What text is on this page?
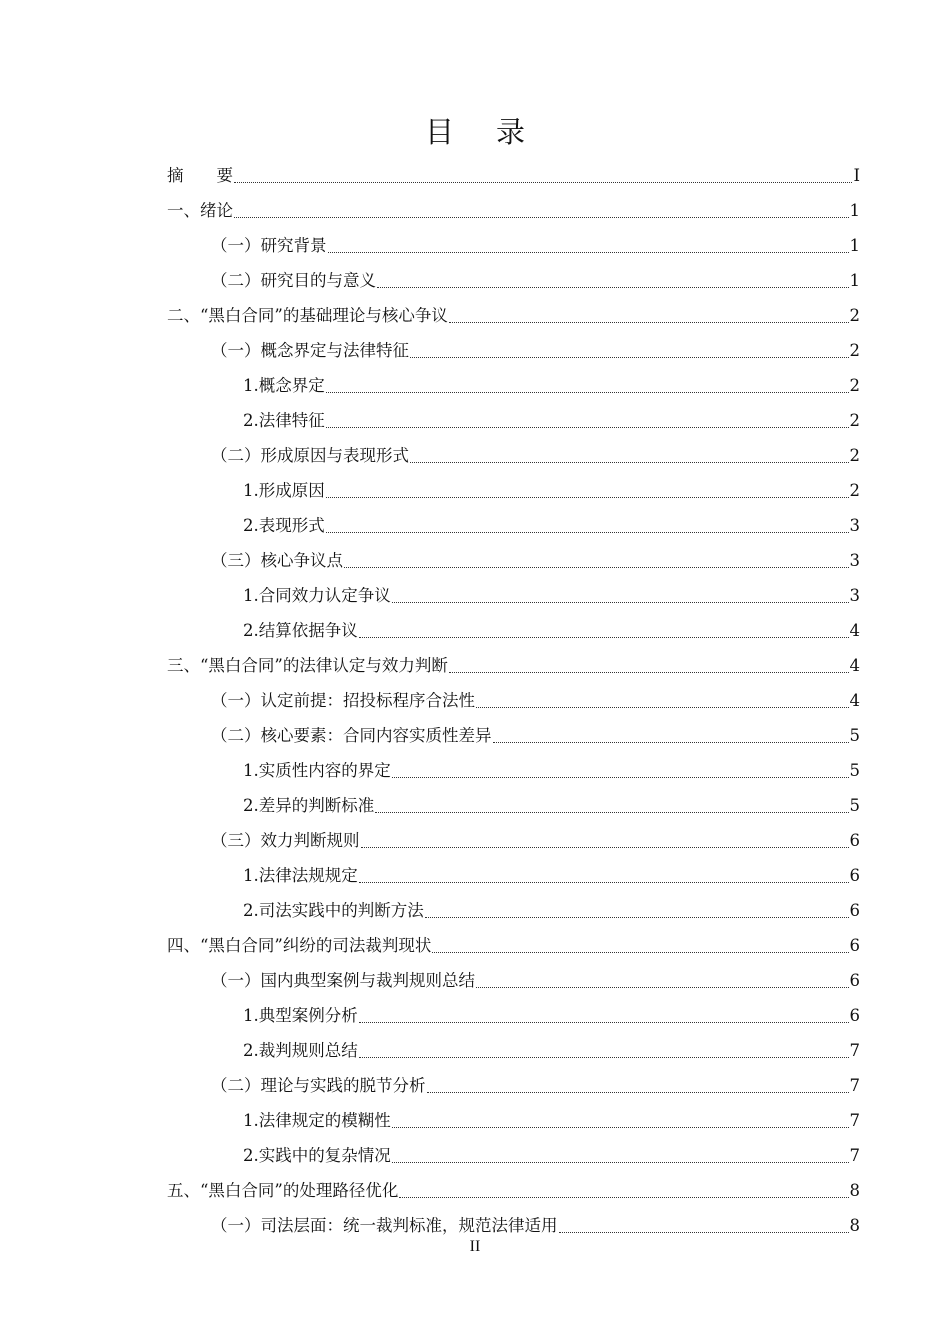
目录
摘　　要	I
一、绪论	1
（一）研究背景	1
（二）研究目的与意义	1
二、“黑白合同”的基础理论与核心争议	2
（一）概念界定与法律特征	2
1.概念界定	2
2.法律特征	2
（二）形成原因与表现形式	2
1.形成原因	2
2.表现形式	3
（三）核心争议点	3
1.合同效力认定争议	3
2.结算依据争议	4
三、“黑白合同”的法律认定与效力判断	4
（一）认定前提：招投标程序合法性	4
（二）核心要素：合同内容实质性差异	5
1.实质性内容的界定	5
2.差异的判断标准	5
（三）效力判断规则	6
1.法律法规规定	6
2.司法实践中的判断方法	6
四、“黑白合同”纠纷的司法裁判现状	6
（一）国内典型案例与裁判规则总结	6
1.典型案例分析	6
2.裁判规则总结	7
（二）理论与实践的脱节分析	7
1.法律规定的模糊性	7
2.实践中的复杂情况	7
五、“黑白合同”的处理路径优化	8
（一）司法层面：统一裁判标准，规范法律适用	8
II
